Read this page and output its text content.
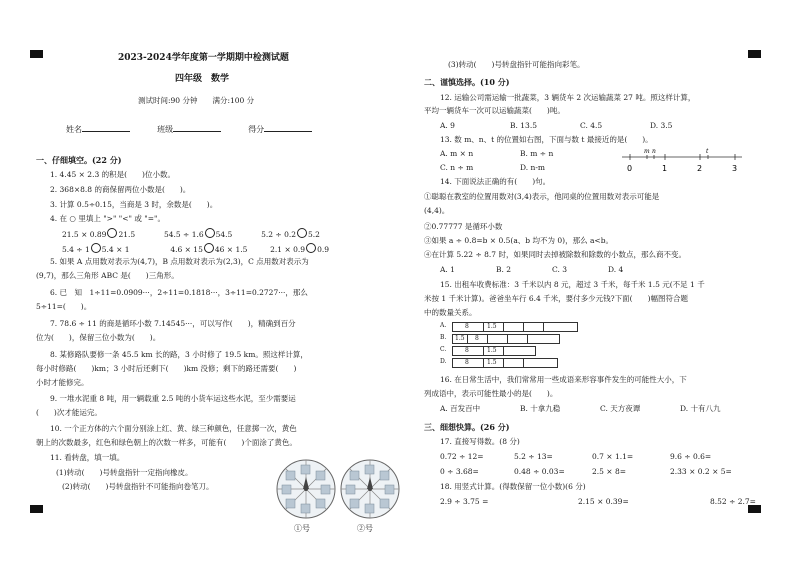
2023-2024学年度第一学期期中检测试题
四年级　数学
测试时间:90 分钟　　满分:100 分
姓名	班级	得分
一、仔细填空。(22 分)
1. 4.45 × 2.3 的积是(　　)位小数。
2. 368×8.8 的商保留两位小数是(　　)。
3. 计算 0.5÷0.15，当商是 3 时，余数是(　　)。
4. 在 ○ 里填上 ">" "<" 或 "="。
21.5 × 0.89 21.5	54.5 ÷ 1.6 54.5	5.2 ÷ 0.2 5.2
5.4 ÷ 1 5.4 × 1	4.6 × 15 46 × 1.5	2.1 × 0.9 0.9
5. 如果 A 点用数对表示为(4,7)，B 点用数对表示为(2,3)，C 点用数对表示为
(9,7)，那么三角形 ABC 是(　　)三角形。
6. 已　知　1÷11=0.0909···，2÷11=0.1818···，3÷11=0.2727···，那么
5÷11=(　　)。
7. 78.6 ÷ 11 的商是循环小数 7.14545···，可以写作(　　)，精确到百分
位为(　　)，保留三位小数为(　　)。
8. 某修路队要修一条 45.5 km 长的路，3 小时修了 19.5 km。照这样计算，
每小时修路(　　)km；3 小时后还剩下(　　)km 没修；剩下的路还需要(　　)
小时才能修完。
9. 一堆水泥重 8 吨，用一辆载重 2.5 吨的小货车运这些水泥，至少需要运
(　　)次才能运完。
10. 一个正方体的六个面分别涂上红、黄、绿三种颜色，任意掷一次，黄色
朝上的次数最多，红色和绿色朝上的次数一样多，可能有(　　)个面涂了黄色。
11. 看转盘，填一填。
(1)转动(　　)号转盘指针一定指向橡皮。
(2)转动(　　)号转盘指针不可能指向卷笔刀。
①号	②号
(3)转动(　　)号转盘指针可能指向彩笔。
二、谨慎选择。(10 分)
12. 运输公司需运输一批蔬菜，3 辆货车 2 次运输蔬菜 27 吨。照这样计算，
平均一辆货车一次可以运输蔬菜(　　)吨。
A. 9	B. 13.5	C. 4.5	D. 3.5
13. 数 m、n、t 的位置如右图，下面与数 t 最接近的是(　　)。
A. m × n	B. m ÷ n
C. n ÷ m	D. n-m
m n	t
0	1	2	3
14. 下面说法正确的有(　　)句。
①聪聪在教室的位置用数对(3,4)表示，他同桌的位置用数对表示可能是
(4,4)。
②0.77777 是循环小数
③如果 a ÷ 0.8=b × 0.5(a、b 均不为 0)，那么 a<b。
④在计算 5.22 ÷ 8.7 时，如果同时去掉被除数和除数的小数点，那么商不变。
A. 1	B. 2	C. 3	D. 4
15. 出租车收费标准：3 千米以内 8 元，超过 3 千米，每千米 1.5 元(不足 1 千
米按 1 千米计算)。爸爸坐车行 6.4 千米，要付多少元钱?下面(　　)幅图符合题
中的数量关系。
A.	8	1.5
B. 1.5 8
C.	8	1.5
D.	8	1.5
16. 在日常生活中，我们常常用一些成语来形容事件发生的可能性大小，下
列成语中，表示可能性最小的是(　　)。
A. 百发百中	B. 十拿九稳	C. 天方夜谭	D. 十有八九
三、细想快算。(26 分)
17. 直接写得数。(8 分)
0.72 ÷ 12=	5.2 ÷ 13=	0.7 × 1.1=	9.6 ÷ 0.6=
0 ÷ 3.68=	0.48 ÷ 0.03=	2.5 × 8=	2.33 × 0.2 × 5=
18. 用竖式计算。(得数保留一位小数)(6 分)
2.9 ÷ 3.75 =	2.15 × 0.39=	8.52 ÷ 2.7=
